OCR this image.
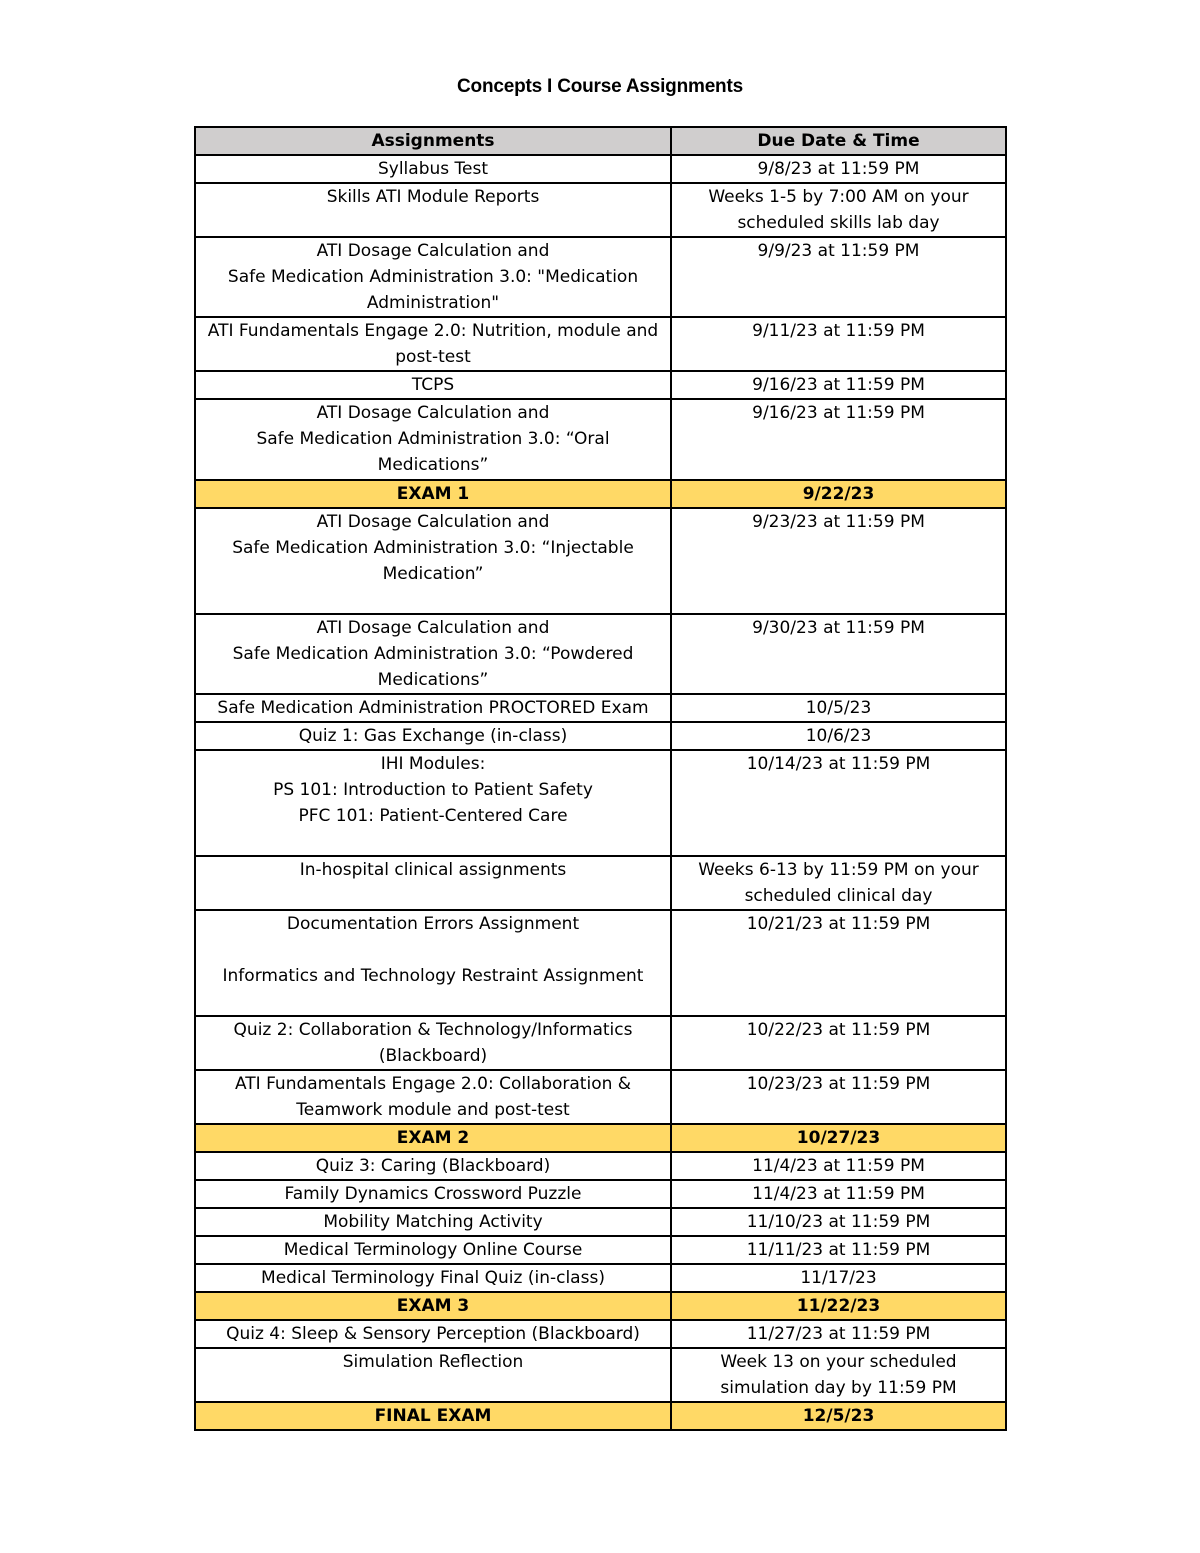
Concepts I Course Assignments
Assignments	Due Date & Time
Syllabus Test	9/8/23 at 11:59 PM
Skills ATI Module Reports	Weeks 1-5 by 7:00 AM on your scheduled skills lab day
ATI Dosage Calculation and
Safe Medication Administration 3.0: "Medication Administration"	9/9/23 at 11:59 PM
ATI Fundamentals Engage 2.0: Nutrition, module and post-test	9/11/23 at 11:59 PM
TCPS	9/16/23 at 11:59 PM
ATI Dosage Calculation and
Safe Medication Administration 3.0: “Oral Medications”	9/16/23 at 11:59 PM
EXAM 1	9/22/23
ATI Dosage Calculation and
Safe Medication Administration 3.0: “Injectable Medication”	9/23/23 at 11:59 PM
ATI Dosage Calculation and
Safe Medication Administration 3.0: “Powdered Medications”	9/30/23 at 11:59 PM
Safe Medication Administration PROCTORED Exam	10/5/23
Quiz 1: Gas Exchange (in-class)	10/6/23
IHI Modules:
PS 101: Introduction to Patient Safety
PFC 101: Patient-Centered Care	10/14/23 at 11:59 PM
In-hospital clinical assignments	Weeks 6-13 by 11:59 PM on your scheduled clinical day
Documentation Errors Assignment

Informatics and Technology Restraint Assignment	10/21/23 at 11:59 PM
Quiz 2: Collaboration & Technology/Informatics (Blackboard)	10/22/23 at 11:59 PM
ATI Fundamentals Engage 2.0: Collaboration & Teamwork module and post-test	10/23/23 at 11:59 PM
EXAM 2	10/27/23
Quiz 3: Caring (Blackboard)	11/4/23 at 11:59 PM
Family Dynamics Crossword Puzzle	11/4/23 at 11:59 PM
Mobility Matching Activity	11/10/23 at 11:59 PM
Medical Terminology Online Course	11/11/23 at 11:59 PM
Medical Terminology Final Quiz (in-class)	11/17/23
EXAM 3	11/22/23
Quiz 4: Sleep & Sensory Perception (Blackboard)	11/27/23 at 11:59 PM
Simulation Reflection	Week 13 on your scheduled simulation day by 11:59 PM
FINAL EXAM	12/5/23
